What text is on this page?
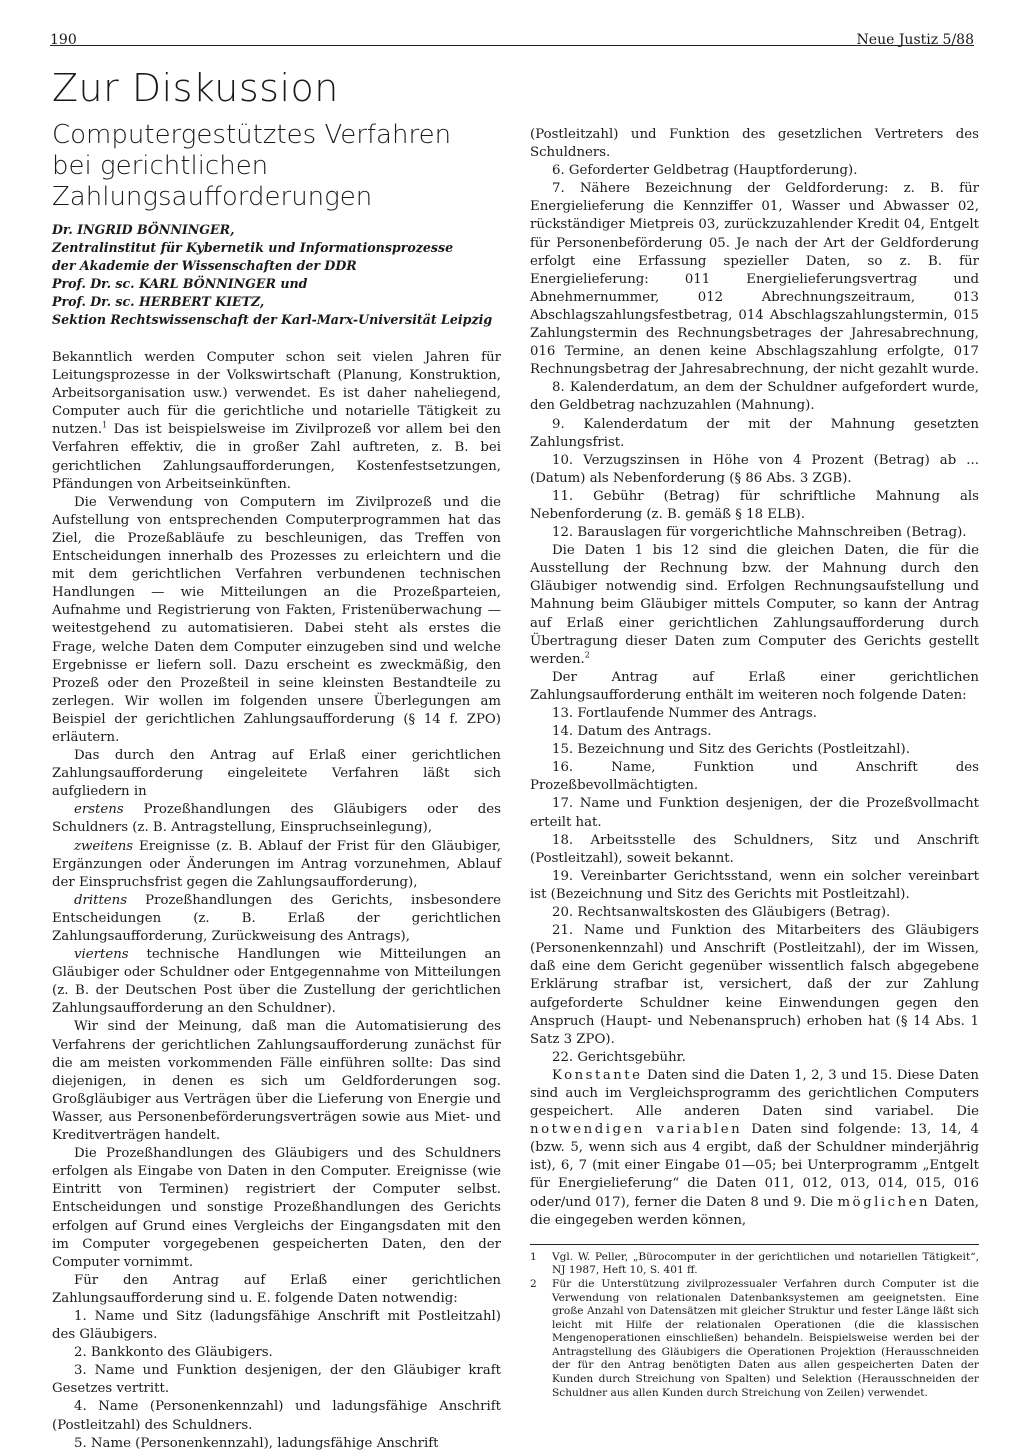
190	Neue Justiz 5/88
Zur Diskussion
Computergestütztes Verfahren
bei gerichtlichen Zahlungsaufforderungen
Dr. INGRID BÖNNINGER,
Zentralinstitut für Kybernetik und Informationsprozesse
der Akademie der Wissenschaften der DDR
Prof. Dr. sc. KARL BÖNNINGER und
Prof. Dr. sc. HERBERT KIETZ,
Sektion Rechtswissenschaft der Karl-Marx-Universität Leipzig

Bekanntlich werden Computer schon seit vielen Jahren für Leitungsprozesse in der Volkswirtschaft (Planung, Konstruktion, Arbeitsorganisation usw.) verwendet. Es ist daher naheliegend, Computer auch für die gerichtliche und notarielle Tätigkeit zu nutzen.$^1$ Das ist beispielsweise im Zivilprozeß vor allem bei den Verfahren effektiv, die in großer Zahl auftreten, z. B. bei gerichtlichen Zahlungsaufforderungen, Kostenfestsetzungen, Pfändungen von Arbeitseinkünften.

Die Verwendung von Computern im Zivilprozeß und die Aufstellung von entsprechenden Computerprogrammen hat das Ziel, die Prozeßabläufe zu beschleunigen, das Treffen von Entscheidungen innerhalb des Prozesses zu erleichtern und die mit dem gerichtlichen Verfahren verbundenen technischen Handlungen — wie Mitteilungen an die Prozeßparteien, Aufnahme und Registrierung von Fakten, Fristenüberwachung — weitestgehend zu automatisieren. Dabei steht als erstes die Frage, welche Daten dem Computer einzugeben sind und welche Ergebnisse er liefern soll. Dazu erscheint es zweckmäßig, den Prozeß oder den Prozeßteil in seine kleinsten Bestandteile zu zerlegen. Wir wollen im folgenden unsere Überlegungen am Beispiel der gerichtlichen Zahlungsaufforderung (§ 14 f. ZPO) erläutern.

Das durch den Antrag auf Erlaß einer gerichtlichen Zahlungsaufforderung eingeleitete Verfahren läßt sich aufgliedern in

erstens Prozeßhandlungen des Gläubigers oder des Schuldners (z. B. Antragstellung, Einspruchseinlegung),

zweitens Ereignisse (z. B. Ablauf der Frist für den Gläubiger, Ergänzungen oder Änderungen im Antrag vorzunehmen, Ablauf der Einspruchsfrist gegen die Zahlungsaufforderung),

drittens Prozeßhandlungen des Gerichts, insbesondere Entscheidungen (z. B. Erlaß der gerichtlichen Zahlungsaufforderung, Zurückweisung des Antrags),

viertens technische Handlungen wie Mitteilungen an Gläubiger oder Schuldner oder Entgegennahme von Mitteilungen (z. B. der Deutschen Post über die Zustellung der gerichtlichen Zahlungsaufforderung an den Schuldner).

Wir sind der Meinung, daß man die Automatisierung des Verfahrens der gerichtlichen Zahlungsaufforderung zunächst für die am meisten vorkommenden Fälle einführen sollte: Das sind diejenigen, in denen es sich um Geldforderungen sog. Großgläubiger aus Verträgen über die Lieferung von Energie und Wasser, aus Personenbeförderungsverträgen sowie aus Miet- und Kreditverträgen handelt.

Die Prozeßhandlungen des Gläubigers und des Schuldners erfolgen als Eingabe von Daten in den Computer. Ereignisse (wie Eintritt von Terminen) registriert der Computer selbst. Entscheidungen und sonstige Prozeßhandlungen des Gerichts erfolgen auf Grund eines Vergleichs der Eingangsdaten mit den im Computer vorgegebenen gespeicherten Daten, den der Computer vornimmt.

Für den Antrag auf Erlaß einer gerichtlichen Zahlungsaufforderung sind u. E. folgende Daten notwendig:

1. Name und Sitz (ladungsfähige Anschrift mit Postleitzahl) des Gläubigers.

2. Bankkonto des Gläubigers.

3. Name und Funktion desjenigen, der den Gläubiger kraft Gesetzes vertritt.

4. Name (Personenkennzahl) und ladungsfähige Anschrift (Postleitzahl) des Schuldners.

5. Name (Personenkennzahl), ladungsfähige Anschrift

(Postleitzahl) und Funktion des gesetzlichen Vertreters des Schuldners.

6. Geforderter Geldbetrag (Hauptforderung).

7. Nähere Bezeichnung der Geldforderung: z. B. für Energielieferung die Kennziffer 01, Wasser und Abwasser 02, rückständiger Mietpreis 03, zurückzuzahlender Kredit 04, Entgelt für Personenbeförderung 05. Je nach der Art der Geldforderung erfolgt eine Erfassung spezieller Daten, so z. B. für Energielieferung: 011 Energielieferungsvertrag und Abnehmernummer, 012 Abrechnungszeitraum, 013 Abschlagszahlungsfestbetrag, 014 Abschlagszahlungstermin, 015 Zahlungstermin des Rechnungsbetrages der Jahresabrechnung, 016 Termine, an denen keine Abschlagszahlung erfolgte, 017 Rechnungsbetrag der Jahresabrechnung, der nicht gezahlt wurde.

8. Kalenderdatum, an dem der Schuldner aufgefordert wurde, den Geldbetrag nachzuzahlen (Mahnung).

9. Kalenderdatum der mit der Mahnung gesetzten Zahlungsfrist.

10. Verzugszinsen in Höhe von 4 Prozent (Betrag) ab ... (Datum) als Nebenforderung (§ 86 Abs. 3 ZGB).

11. Gebühr (Betrag) für schriftliche Mahnung als Nebenforderung (z. B. gemäß § 18 ELB).

12. Barauslagen für vorgerichtliche Mahnschreiben (Betrag).

Die Daten 1 bis 12 sind die gleichen Daten, die für die Ausstellung der Rechnung bzw. der Mahnung durch den Gläubiger notwendig sind. Erfolgen Rechnungsaufstellung und Mahnung beim Gläubiger mittels Computer, so kann der Antrag auf Erlaß einer gerichtlichen Zahlungsaufforderung durch Übertragung dieser Daten zum Computer des Gerichts gestellt werden.$^2$

Der Antrag auf Erlaß einer gerichtlichen Zahlungsaufforderung enthält im weiteren noch folgende Daten:

13. Fortlaufende Nummer des Antrags.

14. Datum des Antrags.

15. Bezeichnung und Sitz des Gerichts (Postleitzahl).

16. Name, Funktion und Anschrift des Prozeßbevollmächtigten.

17. Name und Funktion desjenigen, der die Prozeßvollmacht erteilt hat.

18. Arbeitsstelle des Schuldners, Sitz und Anschrift (Postleitzahl), soweit bekannt.

19. Vereinbarter Gerichtsstand, wenn ein solcher vereinbart ist (Bezeichnung und Sitz des Gerichts mit Postleitzahl).

20. Rechtsanwaltskosten des Gläubigers (Betrag).

21. Name und Funktion des Mitarbeiters des Gläubigers (Personenkennzahl) und Anschrift (Postleitzahl), der im Wissen, daß eine dem Gericht gegenüber wissentlich falsch abgegebene Erklärung strafbar ist, versichert, daß der zur Zahlung aufgeforderte Schuldner keine Einwendungen gegen den Anspruch (Haupt- und Nebenanspruch) erhoben hat (§ 14 Abs. 1 Satz 3 ZPO).

22. Gerichtsgebühr.

Konstante Daten sind die Daten 1, 2, 3 und 15. Diese Daten sind auch im Vergleichsprogramm des gerichtlichen Computers gespeichert. Alle anderen Daten sind variabel. Die notwendigen variablen Daten sind folgende: 13, 14, 4 (bzw. 5, wenn sich aus 4 ergibt, daß der Schuldner minderjährig ist), 6, 7 (mit einer Eingabe 01—05; bei Unterprogramm „Entgelt für Energielieferung“ die Daten 011, 012, 013, 014, 015, 016 oder/und 017), ferner die Daten 8 und 9. Die möglichen Daten, die eingegeben werden können,

1	Vgl. W. Peller, „Bürocomputer in der gerichtlichen und notariellen Tätigkeit“, NJ 1987, Heft 10, S. 401 ff.
2	Für die Unterstützung zivilprozessualer Verfahren durch Computer ist die Verwendung von relationalen Datenbanksystemen am geeignetsten. Eine große Anzahl von Datensätzen mit gleicher Struktur und fester Länge läßt sich leicht mit Hilfe der relationalen Operationen (die die klassischen Mengenoperationen einschließen) behandeln. Beispielsweise werden bei der Antragstellung des Gläubigers die Operationen Projektion (Herausschneiden der für den Antrag benötigten Daten aus allen gespeicherten Daten der Kunden durch Streichung von Spalten) und Selektion (Herausschneiden der Schuldner aus allen Kunden durch Streichung von Zeilen) verwendet.
